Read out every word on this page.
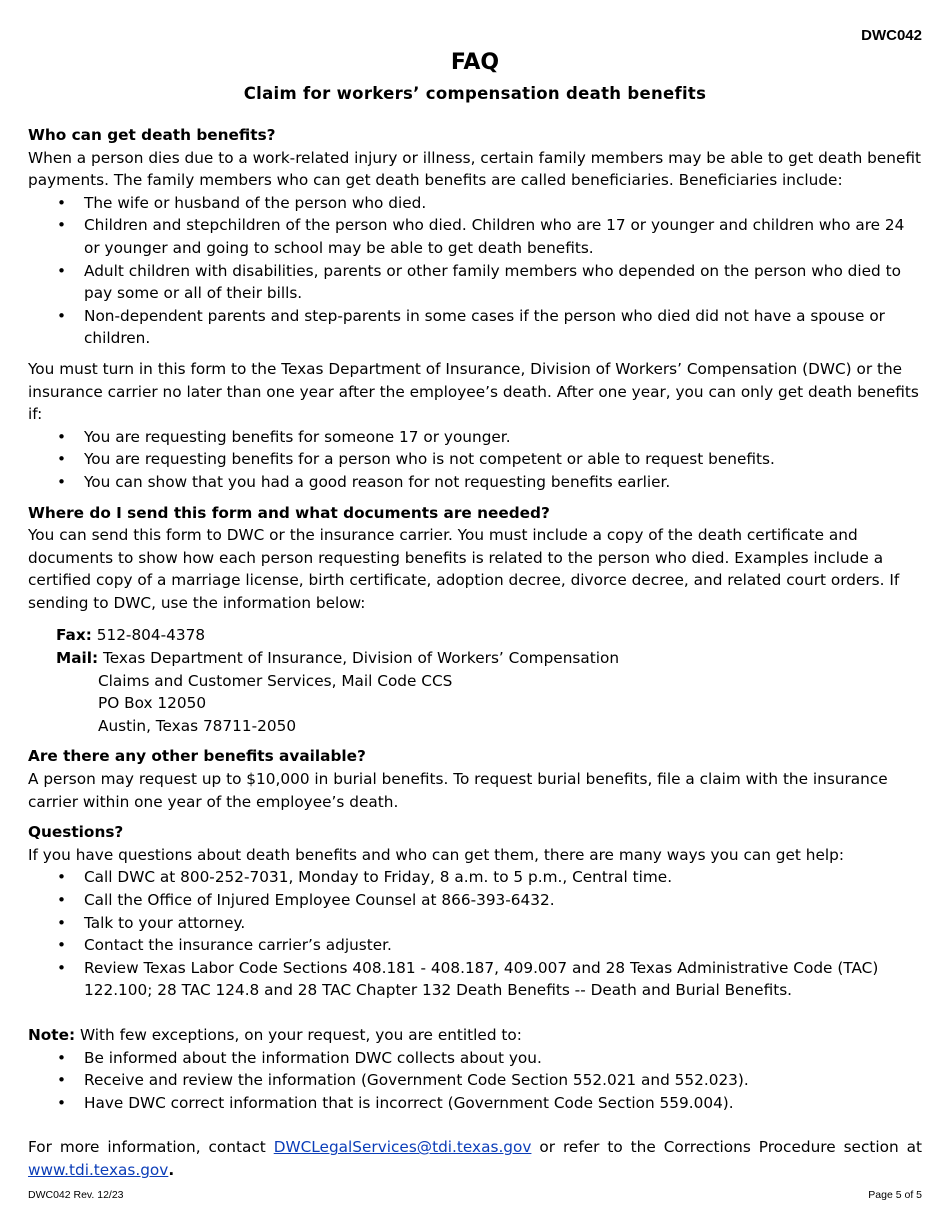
DWC042
FAQ
Claim for workers’ compensation death benefits
Who can get death benefits?

When a person dies due to a work-related injury or illness, certain family members may be able to get death benefit payments. The family members who can get death benefits are called beneficiaries. Beneficiaries include:

• The wife or husband of the person who died.
• Children and stepchildren of the person who died. Children who are 17 or younger and children who are 24 or younger and going to school may be able to get death benefits.
• Adult children with disabilities, parents or other family members who depended on the person who died to pay some or all of their bills.
• Non-dependent parents and step-parents in some cases if the person who died did not have a spouse or children.

You must turn in this form to the Texas Department of Insurance, Division of Workers’ Compensation (DWC) or the insurance carrier no later than one year after the employee’s death. After one year, you can only get death benefits if:

• You are requesting benefits for someone 17 or younger.
• You are requesting benefits for a person who is not competent or able to request benefits.
• You can show that you had a good reason for not requesting benefits earlier.
Where do I send this form and what documents are needed?

You can send this form to DWC or the insurance carrier. You must include a copy of the death certificate and documents to show how each person requesting benefits is related to the person who died. Examples include a certified copy of a marriage license, birth certificate, adoption decree, divorce decree, and related court orders. If sending to DWC, use the information below:

Fax: 512-804-4378
Mail: Texas Department of Insurance, Division of Workers’ Compensation
Claims and Customer Services, Mail Code CCS
PO Box 12050
Austin, Texas 78711-2050
Are there any other benefits available?

A person may request up to $10,000 in burial benefits. To request burial benefits, file a claim with the insurance carrier within one year of the employee’s death.

Questions?

If you have questions about death benefits and who can get them, there are many ways you can get help:

• Call DWC at 800-252-7031, Monday to Friday, 8 a.m. to 5 p.m., Central time.
• Call the Office of Injured Employee Counsel at 866-393-6432.
• Talk to your attorney.
• Contact the insurance carrier’s adjuster.
• Review Texas Labor Code Sections 408.181 - 408.187, 409.007 and 28 Texas Administrative Code (TAC) 122.100; 28 TAC 124.8 and 28 TAC Chapter 132 Death Benefits -- Death and Burial Benefits.

Note: With few exceptions, on your request, you are entitled to:

• Be informed about the information DWC collects about you.
• Receive and review the information (Government Code Section 552.021 and 552.023).
• Have DWC correct information that is incorrect (Government Code Section 559.004).

For more information, contact DWCLegalServices@tdi.texas.gov or refer to the Corrections Procedure section at www.tdi.texas.gov.

DWC042 Rev. 12/23	Page 5 of 5
